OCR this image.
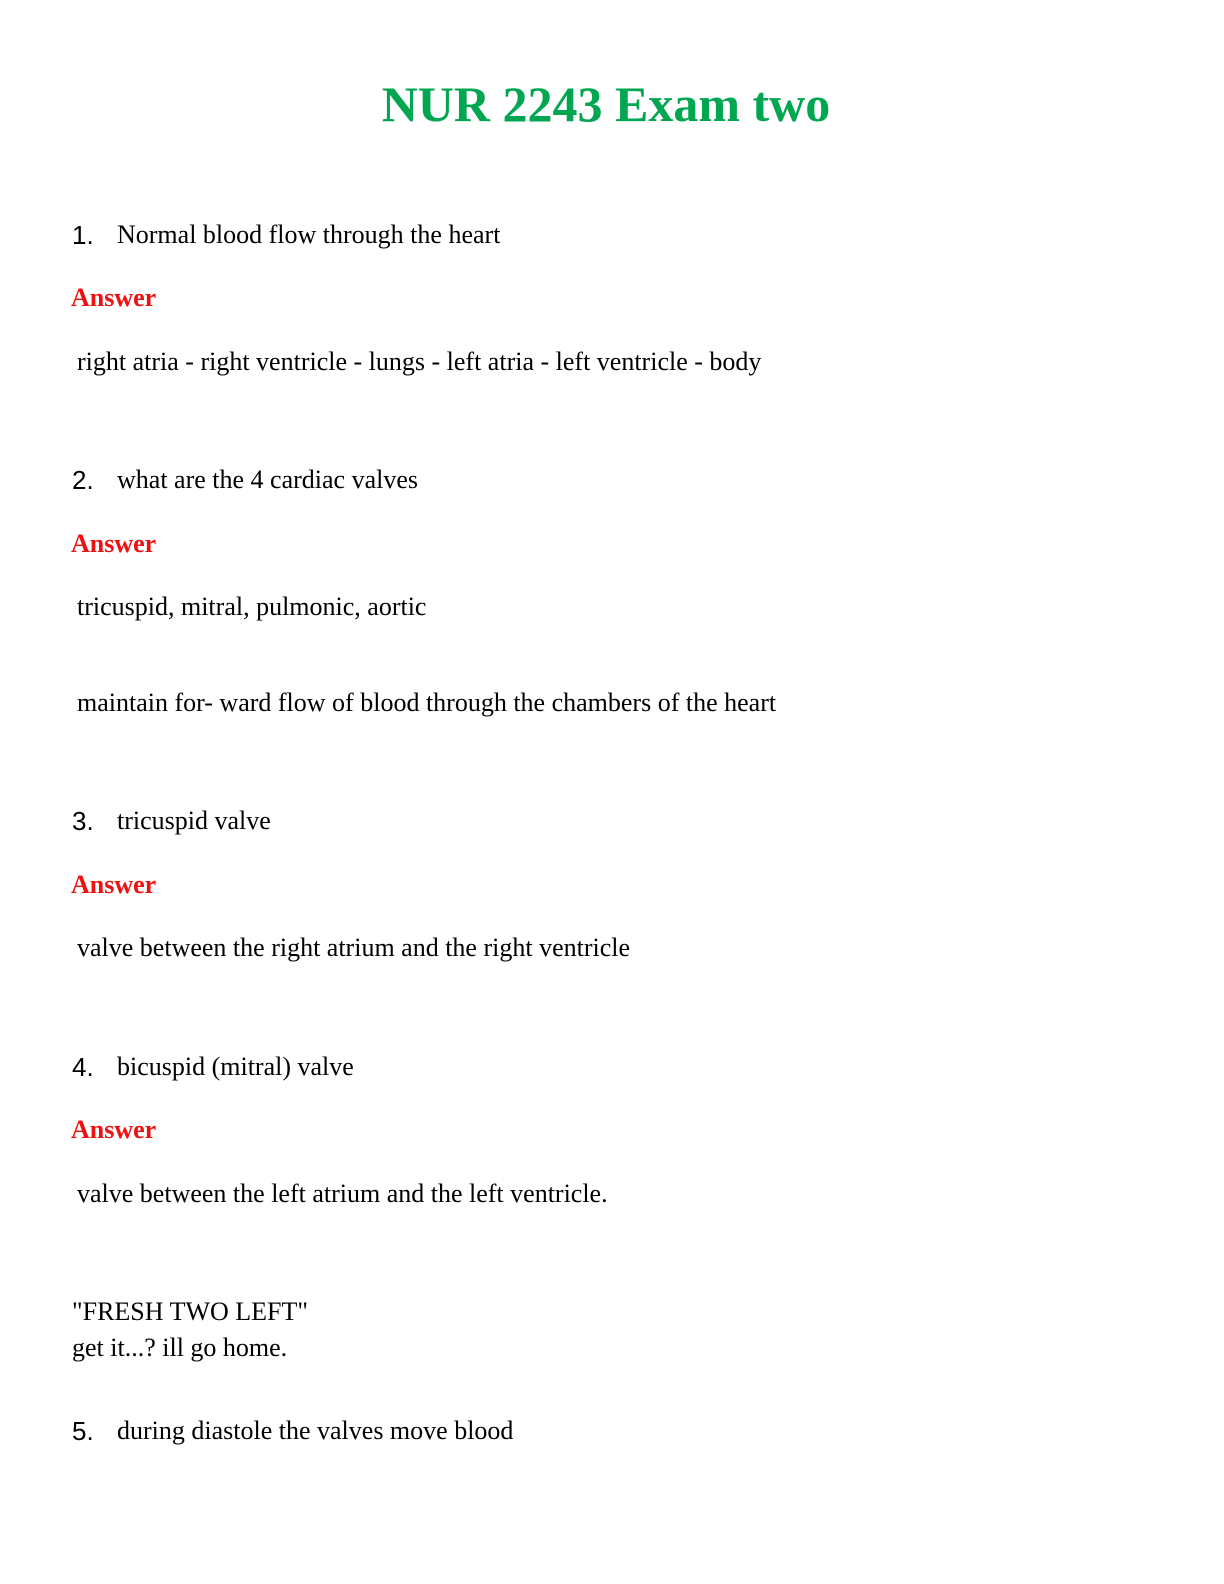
NUR 2243 Exam two
1. Normal blood flow through the heart
Answer
right atria - right ventricle - lungs - left atria - left ventricle - body
2. what are the 4 cardiac valves
Answer
tricuspid, mitral, pulmonic, aortic
maintain for- ward flow of blood through the chambers of the heart
3. tricuspid valve
Answer
valve between the right atrium and the right ventricle
4. bicuspid (mitral) valve
Answer
valve between the left atrium and the left ventricle.
"FRESH TWO LEFT"
get it...? ill go home.
5. during diastole the valves move blood
